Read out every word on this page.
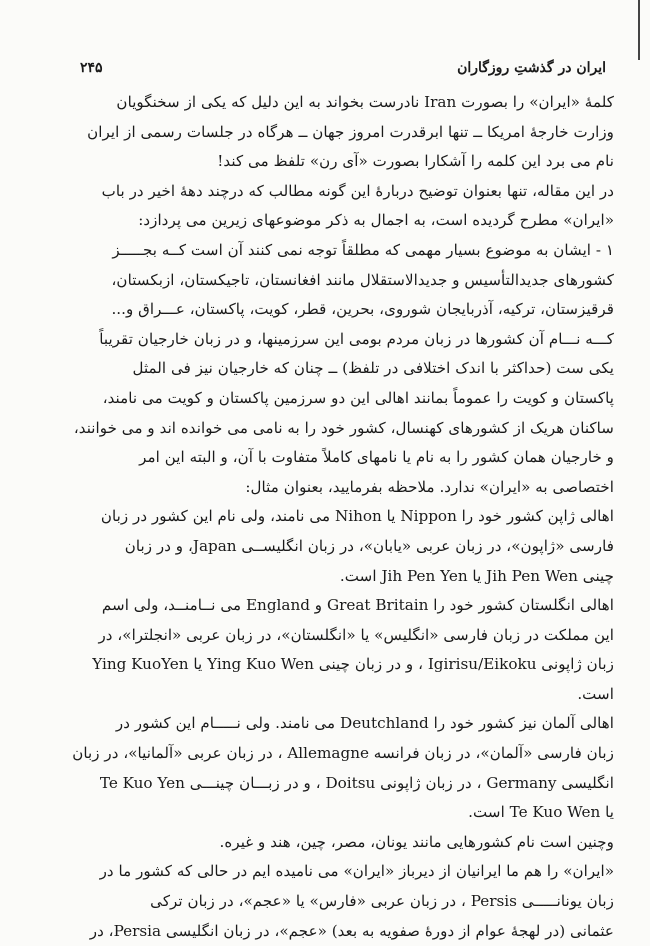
ایران در گذشتِ روزگاران
۲۴۵
کلمهٔ «ایران» را بصورت Iran نادرست بخواند به این دلیل که یکی از سخنگویان
وزارت خارجهٔ امریکا ــ تنها ابرقدرت امروز جهان ــ هرگاه در جلسات رسمی از ایران
نام می برد این کلمه را آشکارا بصورت «آی رن» تلفظ می کند!
در این مقاله، تنها بعنوان توضیح دربارهٔ این گونه مطالب که درچند دههٔ اخیر در باب
«ایران» مطرح گردیده است، به اجمال به ذکر موضوعهای زیرین می پردازد:
۱ - ایشان به موضوع بسیار مهمی که مطلقاً توجه نمی کنند آن است کــه بجـــــز
کشورهای جدیدالتأسیس و جدیدالاستقلال مانند افغانستان، تاجیکستان، ازبکستان،
قرقیزستان، ترکیه، آذربایجان شوروی، بحرین، قطر، کویت، پاکستان، عـــراق و...
کـــه نـــام آن کشورها در زبان مردم بومی این سرزمینها، و در زبان خارجیان تقریباً
یکی ست (حداکثر با اندک اختلافی در تلفظ) ــ چنان که خارجیان نیز فی المثل
پاکستان و کویت را عموماً بمانند اهالی این دو سرزمین پاکستان و کویت می نامند،
ساکنان هریک از کشورهای کهنسال، کشور خود را به نامی می خوانده اند و می خوانند،
و خارجیان همان کشور را به نام یا نامهای کاملاً متفاوت با آن، و البته این امر
اختصاصی به «ایران» ندارد. ملاحظه بفرمایید، بعنوان مثال:
اهالی ژاپن کشور خود را Nippon یا Nihon می نامند، ولی نام این کشور در زبان
فارسی «ژاپون»، در زبان عربی «یابان»، در زبان انگلیســی Japan، و در زبان
چینی Jih Pen Wen یا Jih Pen Yen است.
اهالی انگلستان کشور خود را Great Britain و England می نــامنــد، ولی اسم
این مملکت در زبان فارسی «انگلیس» یا «انگلستان»، در زبان عربی «انجلترا»، در
زبان ژاپونی Igirisu/Eikoku ، و در زبان چینی Ying Kuo Wen یا Ying KuoYen
است.
اهالی آلمان نیز کشور خود را Deutchland می نامند. ولی نـــــام این کشور در
زبان فارسی «آلمان»، در زبان فرانسه Allemagne ، در زبان عربی «آلمانیا»، در زبان
انگلیسی Germany ، در زبان ژاپونی Doitsu ، و در زبـــان چینـــی Te Kuo Yen
یا Te Kuo Wen است.
وچنین است نام کشورهایی مانند یونان، مصر، چین، هند و غیره.
«ایران» را هم ما ایرانیان از دیرباز «ایران» می نامیده ایم در حالی که کشور ما در
زبان یونانـــــی Persis ، در زبان عربی «فارس» یا «عجم»، در زبان ترکی
عثمانی (در لهجهٔ عوام از دورهٔ صفویه به بعد) «عجم»، در زبان انگلیسی Persia، در
